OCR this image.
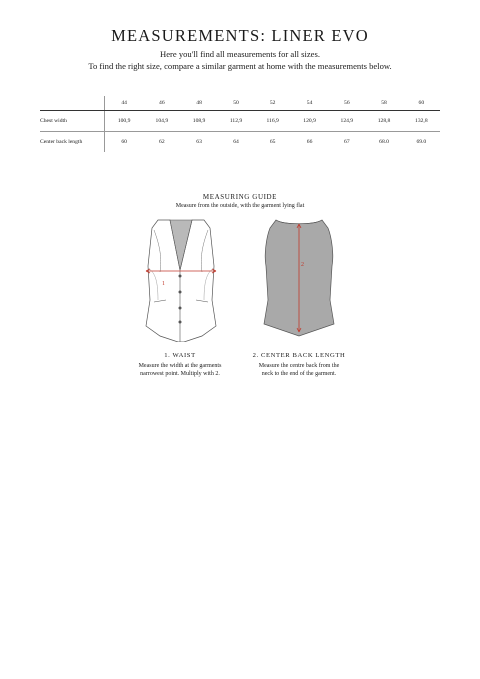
MEASUREMENTS: LINER EVO
Here you'll find all measurements for all sizes.
To find the right size, compare a similar garment at home with the measurements below.
	44	46	48	50	52	54	56	58	60
Chest width	100,9	104,9	108,9	112,9	116,9	120,9	124,9	128,8	132,8
Center back length	60	62	63	64	65	66	67	68.0	69.0
MEASURING GUIDE
Measure from the outside, with the garment lying flat
1
2
1. WAIST
Measure the width at the garments
narrowest point. Multiply with 2.
2. CENTER BACK LENGTH
Measure the centre back from the
neck to the end of the garment.
